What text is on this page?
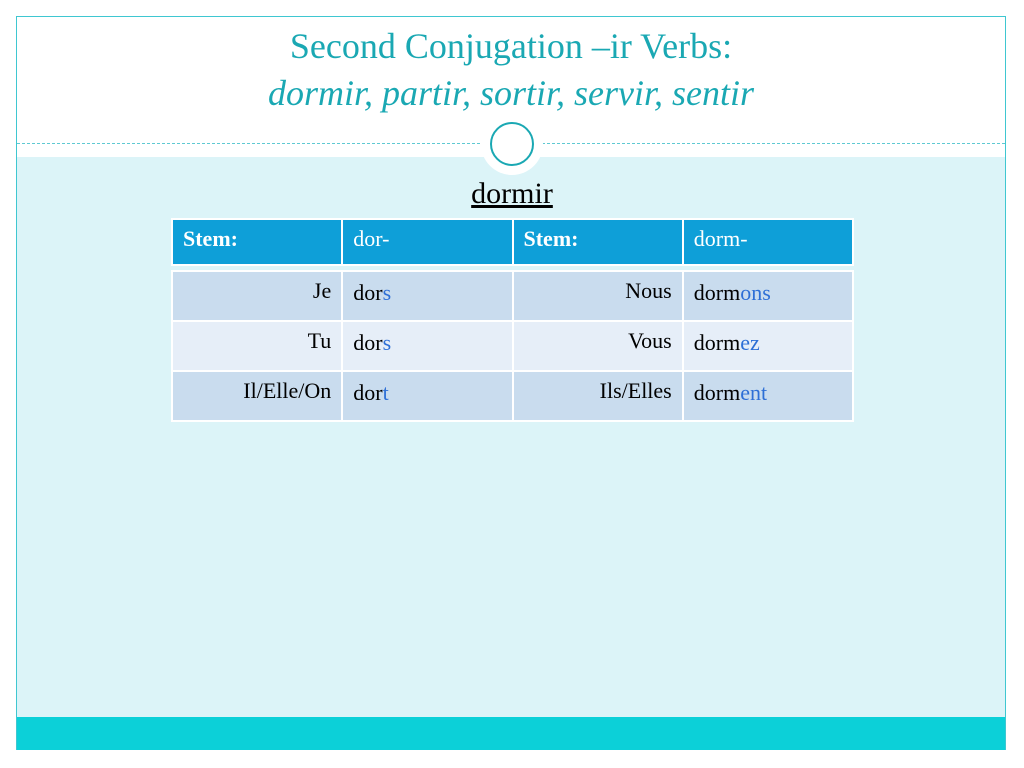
Second Conjugation –ir Verbs:
dormir, partir, sortir, servir, sentir
dormir
Stem:	dor-	Stem:	dorm-

Je	dors	Nous	dormons
Tu	dors	Vous	dormez
Il/Elle/On	dort	Ils/Elles	dorment
